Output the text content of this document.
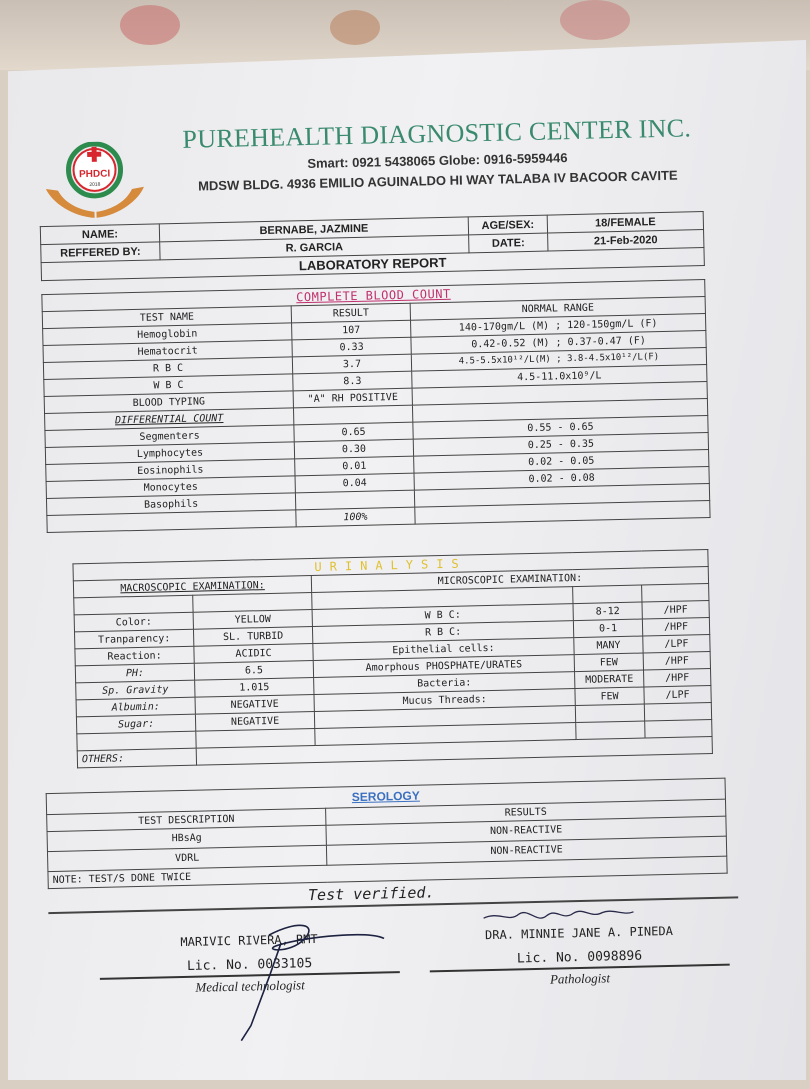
PHDCI
2018
PUREHEALTH DIAGNOSTIC CENTER INC.
Smart: 0921 5438065 Globe: 0916-5959446
MDSW BLDG. 4936 EMILIO AGUINALDO HI WAY TALABA IV BACOOR CAVITE
NAME:	BERNABE, JAZMINE	AGE/SEX:	18/FEMALE
REFFERED BY:	R. GARCIA	DATE:	21-Feb-2020
LABORATORY REPORT			
COMPLETE BLOOD COUNT		
TEST NAME	RESULT	NORMAL RANGE
Hemoglobin	107	140-170gm/L (M) ; 120-150gm/L (F)
Hematocrit	0.33	0.42-0.52 (M) ; 0.37-0.47 (F)
R B C	3.7	4.5-5.5x10¹²/L(M) ; 3.8-4.5x10¹²/L(F)
W B C	8.3	4.5-11.0x10⁹/L
BLOOD TYPING	"A" RH POSITIVE	
DIFFERENTIAL COUNT		
Segmenters	0.65	0.55 - 0.65
Lymphocytes	0.30	0.25 - 0.35
Eosinophils	0.01	0.02 - 0.05
Monocytes	0.04	0.02 - 0.08
Basophils		
	100%	
URINALYSIS				
MACROSCOPIC EXAMINATION:		MICROSCOPIC EXAMINATION:		

Color:	YELLOW	W B C:	8-12	/HPF
Tranparency:	SL. TURBID	R B C:	0-1	/HPF
Reaction:	ACIDIC	Epithelial cells:	MANY	/LPF
PH:	6.5	Amorphous PHOSPHATE/URATES	FEW	/HPF
Sp. Gravity	1.015	Bacteria:	MODERATE	/HPF
Albumin:	NEGATIVE	Mucus Threads:	FEW	/LPF
Sugar:	NEGATIVE			

OTHERS:				
SEROLOGY	
TEST DESCRIPTION	RESULTS
HBsAg	NON-REACTIVE
VDRL	NON-REACTIVE
NOTE: TEST/S DONE TWICE	
Test verified.
MARIVIC RIVERA, RMT
Lic. No. 0033105
Medical technologist
DRA. MINNIE JANE A. PINEDA
Lic. No. 0098896
Pathologist
